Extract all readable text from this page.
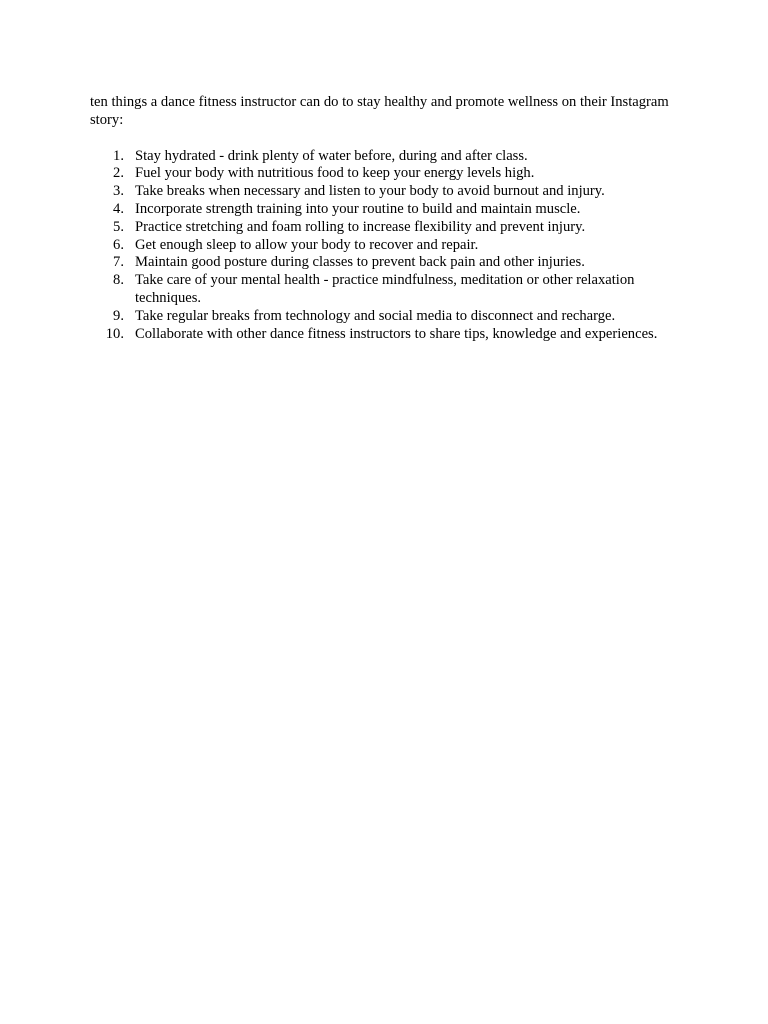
ten things a dance fitness instructor can do to stay healthy and promote wellness on their Instagram story:

1. Stay hydrated - drink plenty of water before, during and after class.
2. Fuel your body with nutritious food to keep your energy levels high.
3. Take breaks when necessary and listen to your body to avoid burnout and injury.
4. Incorporate strength training into your routine to build and maintain muscle.
5. Practice stretching and foam rolling to increase flexibility and prevent injury.
6. Get enough sleep to allow your body to recover and repair.
7. Maintain good posture during classes to prevent back pain and other injuries.
8. Take care of your mental health - practice mindfulness, meditation or other relaxation techniques.
9. Take regular breaks from technology and social media to disconnect and recharge.
10. Collaborate with other dance fitness instructors to share tips, knowledge and experiences.
